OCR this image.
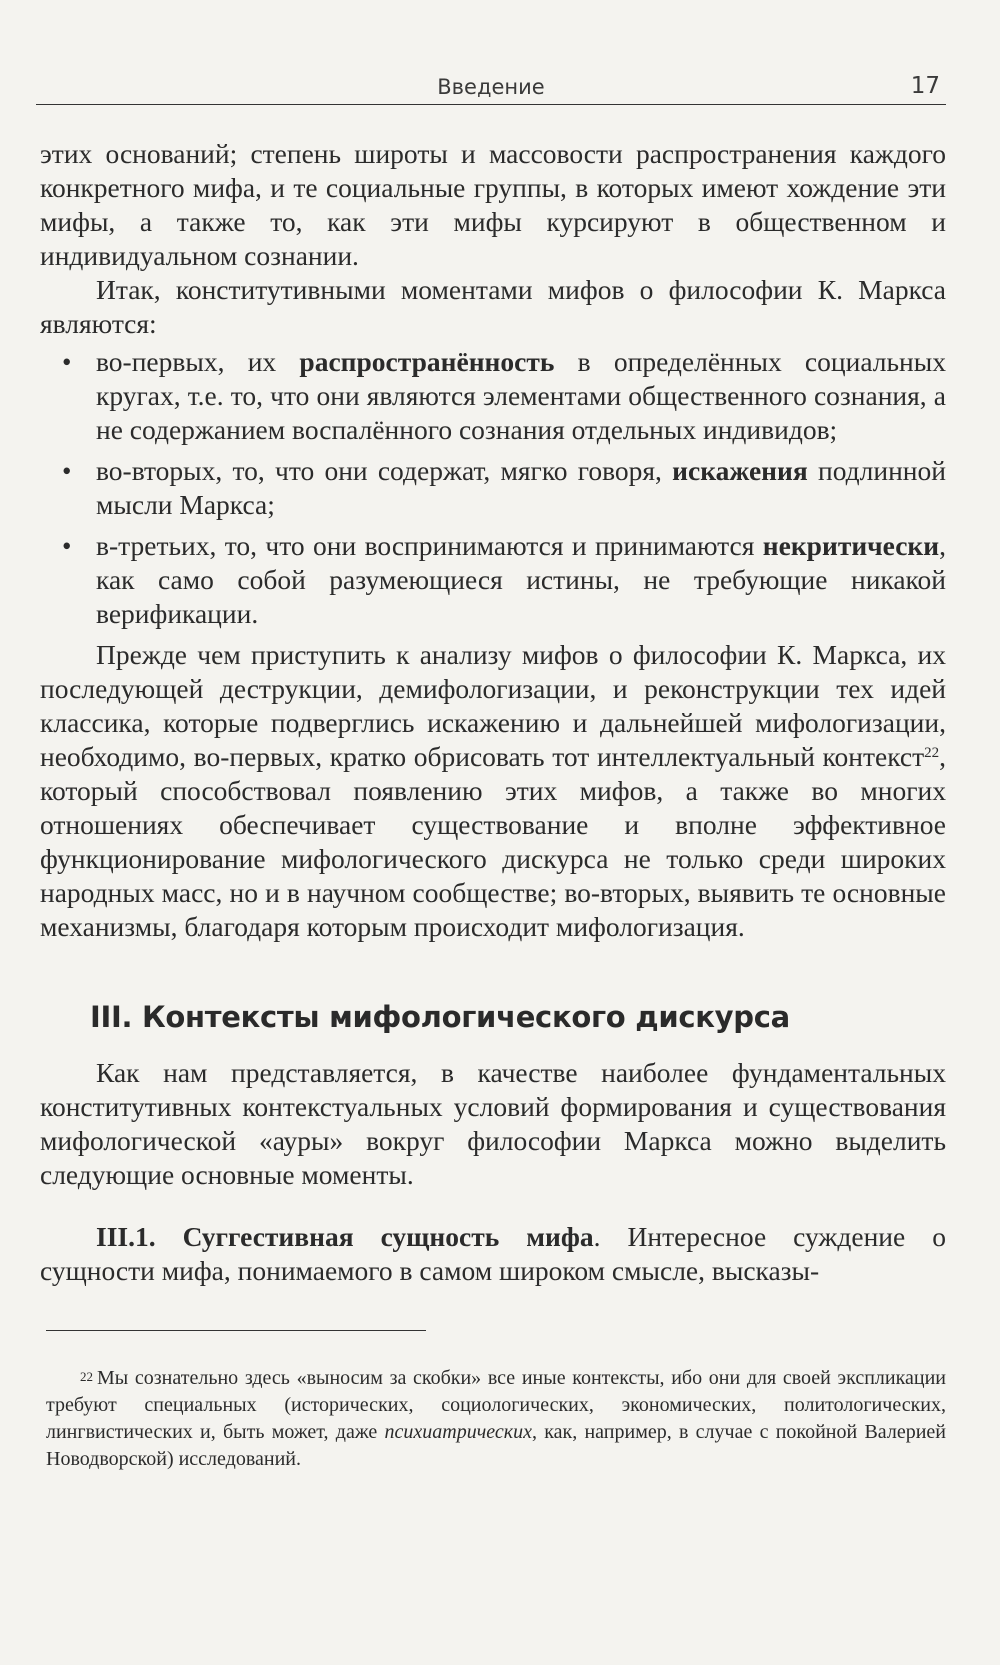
Введение	17

этих оснований; степень широты и массовости распространения каждого конкретного мифа, и те социальные группы, в которых имеют хождение эти мифы, а также то, как эти мифы курсируют в общественном и индивидуальном сознании.

Итак, конститутивными моментами мифов о философии К. Маркса являются:

• во-первых, их распространённость в определённых социальных кругах, т.е. то, что они являются элементами общественного сознания, а не содержанием воспалённого сознания отдельных индивидов;
• во-вторых, то, что они содержат, мягко говоря, искажения подлинной мысли Маркса;
• в-третьих, то, что они воспринимаются и принимаются некритически, как само собой разумеющиеся истины, не требующие никакой верификации.

Прежде чем приступить к анализу мифов о философии К. Маркса, их последующей деструкции, демифологизации, и реконструкции тех идей классика, которые подверглись искажению и дальнейшей мифологизации, необходимо, во-первых, кратко обрисовать тот интеллектуальный контекст$^{22}$, который способствовал появлению этих мифов, а также во многих отношениях обеспечивает существование и вполне эффективное функционирование мифологического дискурса не только среди широких народных масс, но и в научном сообществе; во-вторых, выявить те основные механизмы, благодаря которым происходит мифологизация.

III. Контексты мифологического дискурса

Как нам представляется, в качестве наиболее фундаментальных конститутивных контекстуальных условий формирования и существования мифологической «ауры» вокруг философии Маркса можно выделить следующие основные моменты.

III.1. Суггестивная сущность мифа. Интересное суждение о сущности мифа, понимаемого в самом широком смысле, высказы-

$^{22}$ Мы сознательно здесь «выносим за скобки» все иные контексты, ибо они для своей экспликации требуют специальных (исторических, социологических, экономических, политологических, лингвистических и, быть может, даже психиатрических, как, например, в случае с покойной Валерией Новодворской) исследований.
